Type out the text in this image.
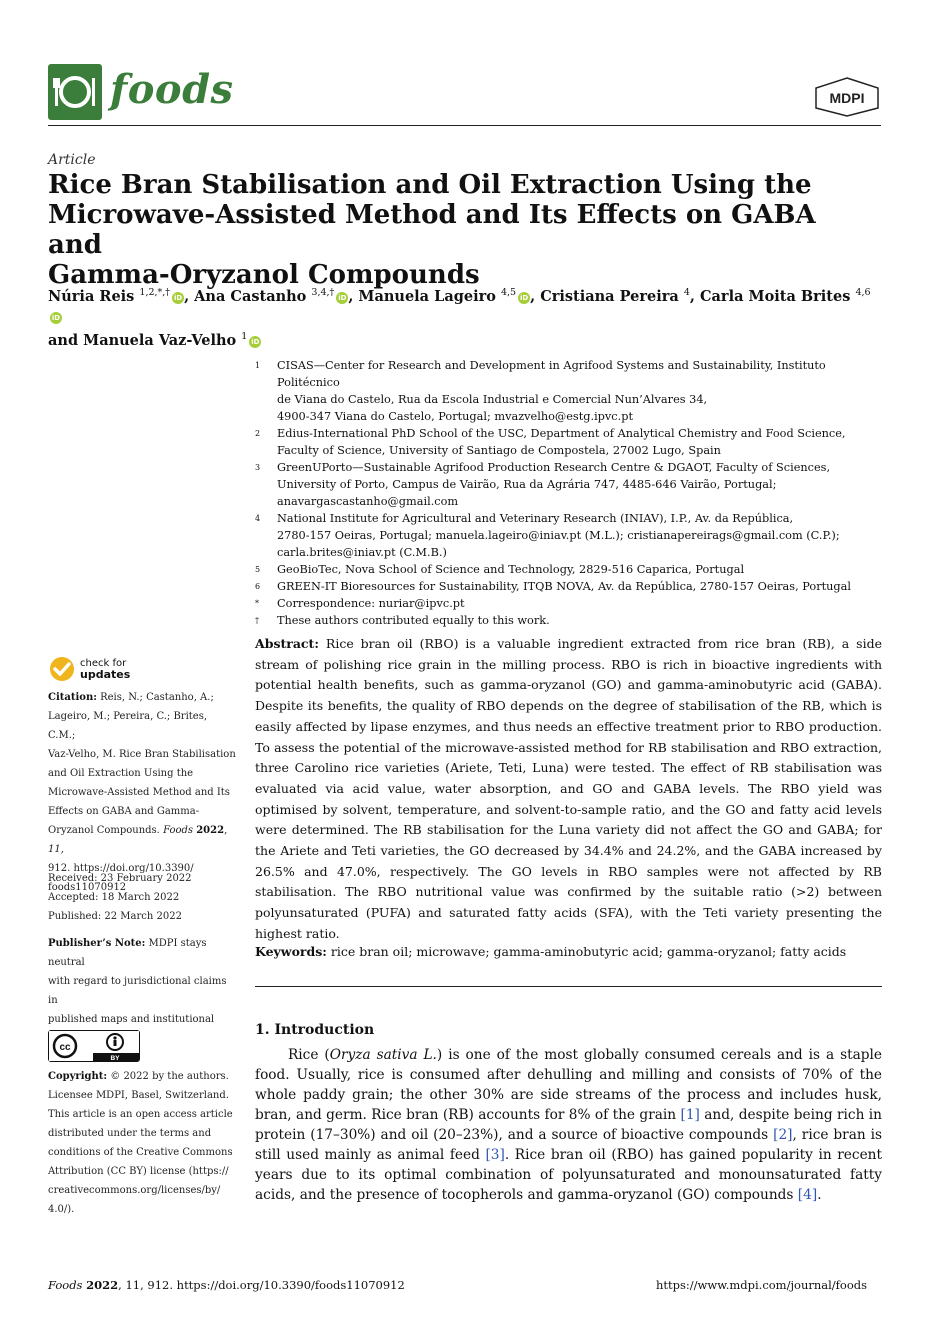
foods	MDPI
Article
Rice Bran Stabilisation and Oil Extraction Using the
Microwave-Assisted Method and Its Effects on GABA and
Gamma-Oryzanol Compounds
Núria Reis $^{1,2,*,\dagger}$ iD , Ana Castanho $^{3,4,\dagger}$ iD , Manuela Lageiro $^{4,5}$ iD , Cristiana Pereira $^4$, Carla Moita Brites $^{4,6}$iD
and Manuela Vaz-Velho $^1$ iD
1	CISAS—Center for Research and Development in Agrifood Systems and Sustainability, Instituto Politécnico
de Viana do Castelo, Rua da Escola Industrial e Comercial Nun’Alvares 34,
4900-347 Viana do Castelo, Portugal; mvazvelho@estg.ipvc.pt
2	Edius-International PhD School of the USC, Department of Analytical Chemistry and Food Science,
Faculty of Science, University of Santiago de Compostela, 27002 Lugo, Spain
3	GreenUPorto—Sustainable Agrifood Production Research Centre & DGAOT, Faculty of Sciences,
University of Porto, Campus de Vairão, Rua da Agrária 747, 4485-646 Vairão, Portugal;
anavargascastanho@gmail.com
4	National Institute for Agricultural and Veterinary Research (INIAV), I.P., Av. da República,
2780-157 Oeiras, Portugal; manuela.lageiro@iniav.pt (M.L.); cristianapereirags@gmail.com (C.P.);
carla.brites@iniav.pt (C.M.B.)
5	GeoBioTec, Nova School of Science and Technology, 2829-516 Caparica, Portugal
6	GREEN-IT Bioresources for Sustainability, ITQB NOVA, Av. da República, 2780-157 Oeiras, Portugal
*	Correspondence: nuriar@ipvc.pt
†	These authors contributed equally to this work.
check for
updates
Citation: Reis, N.; Castanho, A.;
Lageiro, M.; Pereira, C.; Brites, C.M.;
Vaz-Velho, M. Rice Bran Stabilisation
and Oil Extraction Using the
Microwave-Assisted Method and Its
Effects on GABA and Gamma-
Oryzanol Compounds. Foods 2022, 11,
912. https://doi.org/10.3390/
foods11070912
Received: 23 February 2022
Accepted: 18 March 2022
Published: 22 March 2022
Publisher’s Note: MDPI stays neutral
with regard to jurisdictional claims in
published maps and institutional
cc
BY
Copyright: © 2022 by the authors.
Licensee MDPI, Basel, Switzerland.
This article is an open access article
distributed under the terms and
conditions of the Creative Commons
Attribution (CC BY) license (https://
creativecommons.org/licenses/by/
4.0/).
Abstract: Rice bran oil (RBO) is a valuable ingredient extracted from rice bran (RB), a side stream of polishing rice grain in the milling process. RBO is rich in bioactive ingredients with potential health benefits, such as gamma-oryzanol (GO) and gamma-aminobutyric acid (GABA). Despite its benefits, the quality of RBO depends on the degree of stabilisation of the RB, which is easily affected by lipase enzymes, and thus needs an effective treatment prior to RBO production. To assess the potential of the microwave-assisted method for RB stabilisation and RBO extraction, three Carolino rice varieties (Ariete, Teti, Luna) were tested. The effect of RB stabilisation was evaluated via acid value, water absorption, and GO and GABA levels. The RBO yield was optimised by solvent, temperature, and solvent-to-sample ratio, and the GO and fatty acid levels were determined. The RB stabilisation for the Luna variety did not affect the GO and GABA; for the Ariete and Teti varieties, the GO decreased by 34.4% and 24.2%, and the GABA increased by 26.5% and 47.0%, respectively. The GO levels in RBO samples were not affected by RB stabilisation. The RBO nutritional value was confirmed by the suitable ratio (>2) between polyunsaturated (PUFA) and saturated fatty acids (SFA), with the Teti variety presenting the highest ratio.
Keywords: rice bran oil; microwave; gamma-aminobutyric acid; gamma-oryzanol; fatty acids
1. Introduction

Rice (Oryza sativa L.) is one of the most globally consumed cereals and is a staple food. Usually, rice is consumed after dehulling and milling and consists of 70% of the whole paddy grain; the other 30% are side streams of the process and includes husk, bran, and germ. Rice bran (RB) accounts for 8% of the grain [1] and, despite being rich in protein (17–30%) and oil (20–23%), and a source of bioactive compounds [2], rice bran is still used mainly as animal feed [3]. Rice bran oil (RBO) has gained popularity in recent years due to its optimal combination of polyunsaturated and monounsaturated fatty acids, and the presence of tocopherols and gamma-oryzanol (GO) compounds [4].

Foods 2022, 11, 912. https://doi.org/10.3390/foods11070912	https://www.mdpi.com/journal/foods
